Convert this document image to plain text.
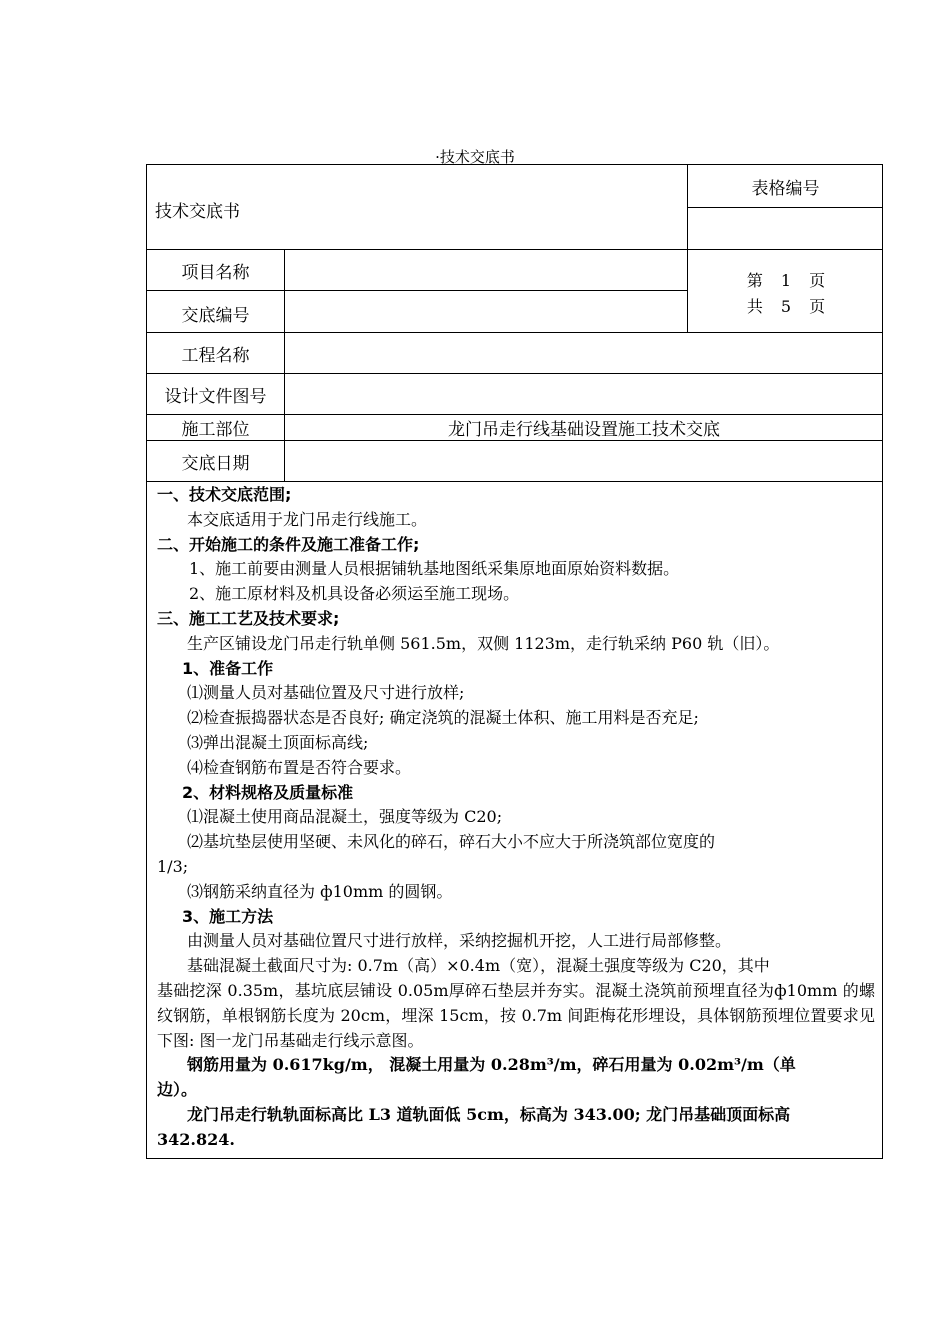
·技术交底书
技术交底书
表格编号
项目名称
交底编号
第 1 页
共 5 页
工程名称
设计文件图号
施工部位	龙门吊走行线基础设置施工技术交底
交底日期

一、技术交底范围;

本交底适用于龙门吊走行线施工。

二、开始施工的条件及施工准备工作;

1、施工前要由测量人员根据铺轨基地图纸采集原地面原始资料数据。

2、施工原材料及机具设备必须运至施工现场。

三、施工工艺及技术要求;

生产区铺设龙门吊走行轨单侧 561.5m，双侧 1123m，走行轨采纳 P60 轨（旧）。

1、准备工作

⑴测量人员对基础位置及尺寸进行放样;

⑵检查振捣器状态是否良好; 确定浇筑的混凝土体积、施工用料是否充足;

⑶弹出混凝土顶面标高线;

⑷检查钢筋布置是否符合要求。

2、材料规格及质量标准

⑴混凝土使用商品混凝土，强度等级为 C20;

⑵基坑垫层使用坚硬、未风化的碎石，碎石大小不应大于所浇筑部位宽度的

1/3;

⑶钢筋采纳直径为 ф10mm 的圆钢。

3、施工方法

由测量人员对基础位置尺寸进行放样，采纳挖掘机开挖，人工进行局部修整。

基础混凝土截面尺寸为: 0.7m（高）×0.4m（宽），混凝土强度等级为 C20，其中

基础挖深 0.35m，基坑底层铺设 0.05m厚碎石垫层并夯实。混凝土浇筑前预埋直径为ф10mm 的螺纹钢筋，单根钢筋长度为 20cm，埋深 15cm，按 0.7m 间距梅花形埋设，具体钢筋预埋位置要求见下图: 图一龙门吊基础走行线示意图。

钢筋用量为 0.617kg/m， 混凝土用量为 0.28m³/m，碎石用量为 0.02m³/m（单

边）。

龙门吊走行轨轨面标高比 L3 道轨面低 5cm，标高为 343.00; 龙门吊基础顶面标高

342.824.
